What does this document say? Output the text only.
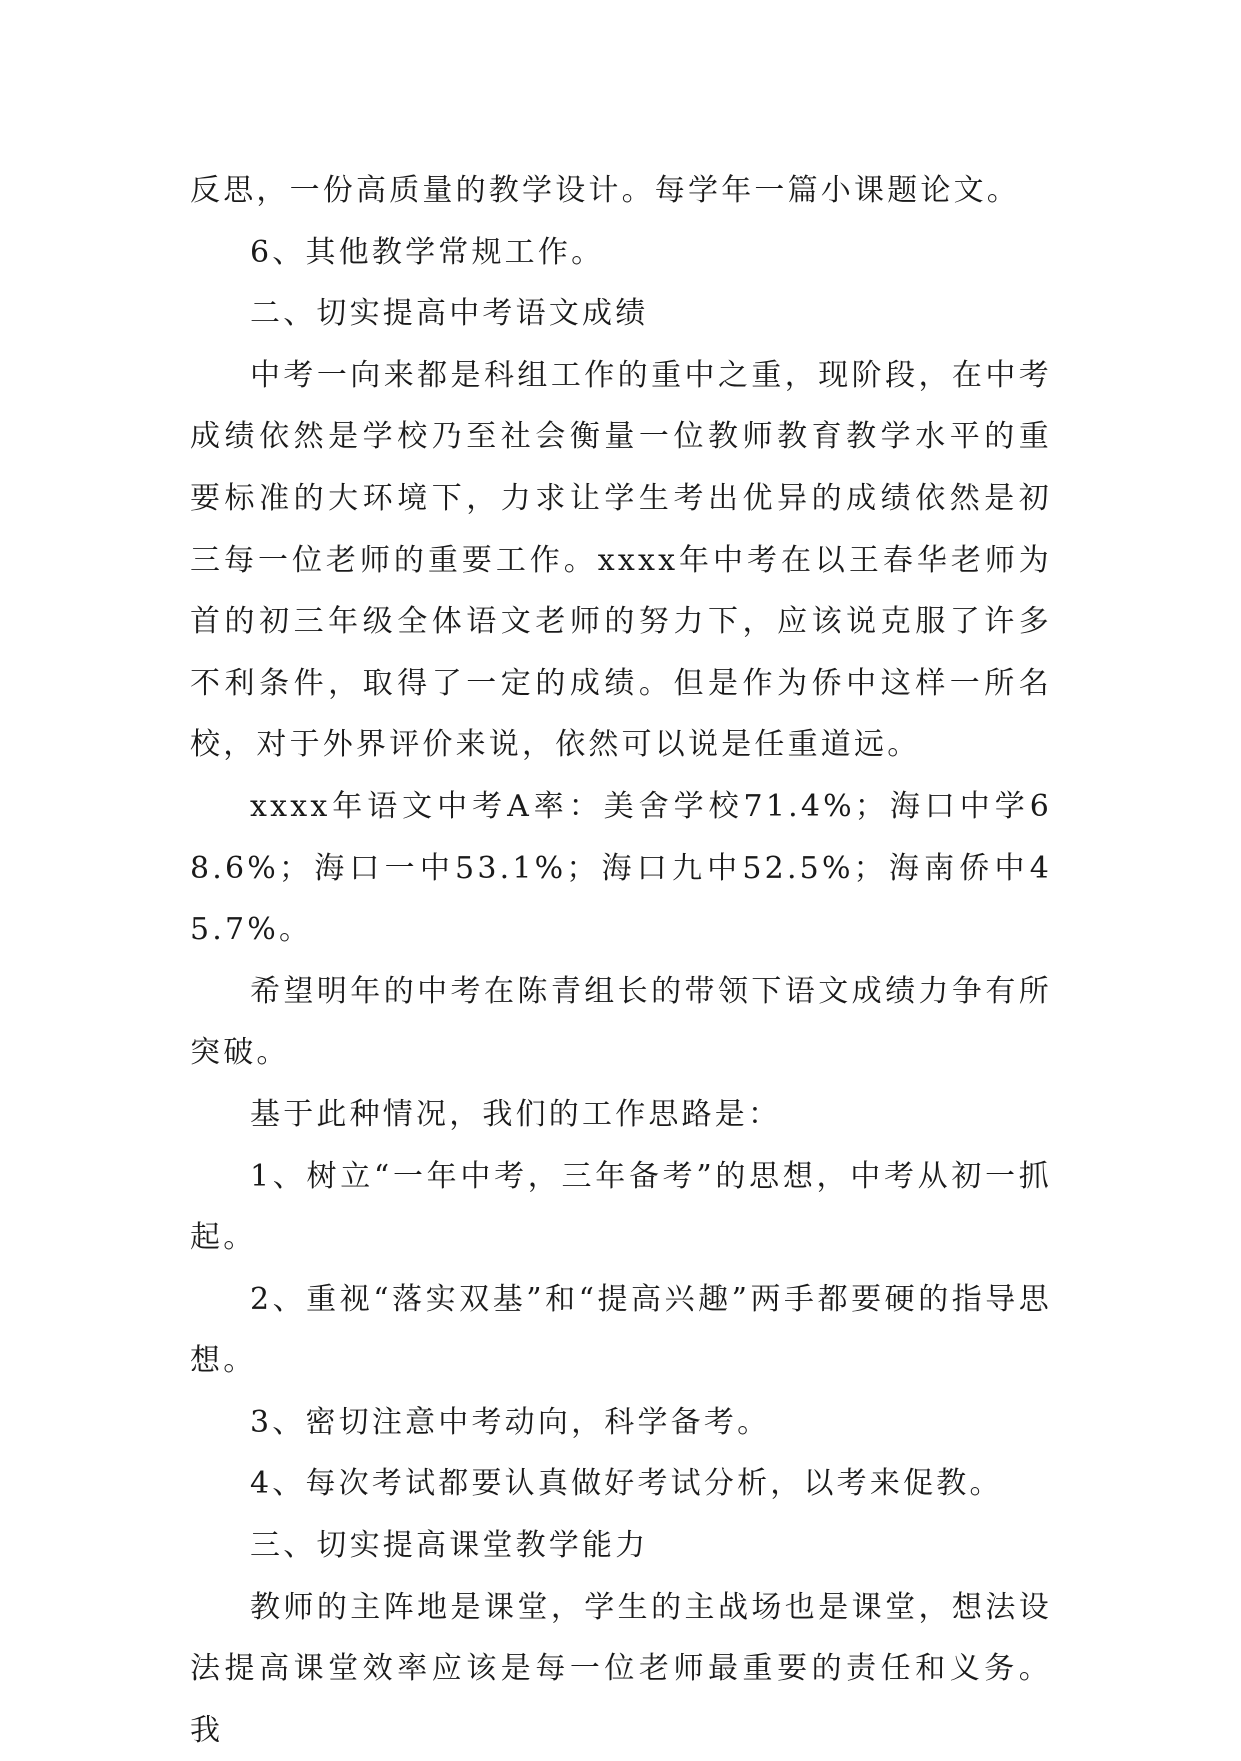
反思，一份高质量的教学设计。每学年一篇小课题论文。

6、其他教学常规工作。

二、切实提高中考语文成绩

中考一向来都是科组工作的重中之重，现阶段，在中考成绩依然是学校乃至社会衡量一位教师教育教学水平的重要标准的大环境下，力求让学生考出优异的成绩依然是初三每一位老师的重要工作。xxxx年中考在以王春华老师为首的初三年级全体语文老师的努力下，应该说克服了许多不利条件，取得了一定的成绩。但是作为侨中这样一所名校，对于外界评价来说，依然可以说是任重道远。

xxxx年语文中考A率：美舍学校71.4%；海口中学68.6%；海口一中53.1%；海口九中52.5%；海南侨中45.7%。

希望明年的中考在陈青组长的带领下语文成绩力争有所突破。

基于此种情况，我们的工作思路是：

1、树立“一年中考，三年备考”的思想，中考从初一抓起。

2、重视“落实双基”和“提高兴趣”两手都要硬的指导思想。

3、密切注意中考动向，科学备考。

4、每次考试都要认真做好考试分析，以考来促教。

三、切实提高课堂教学能力

教师的主阵地是课堂，学生的主战场也是课堂，想法设法提高课堂效率应该是每一位老师最重要的责任和义务。我
